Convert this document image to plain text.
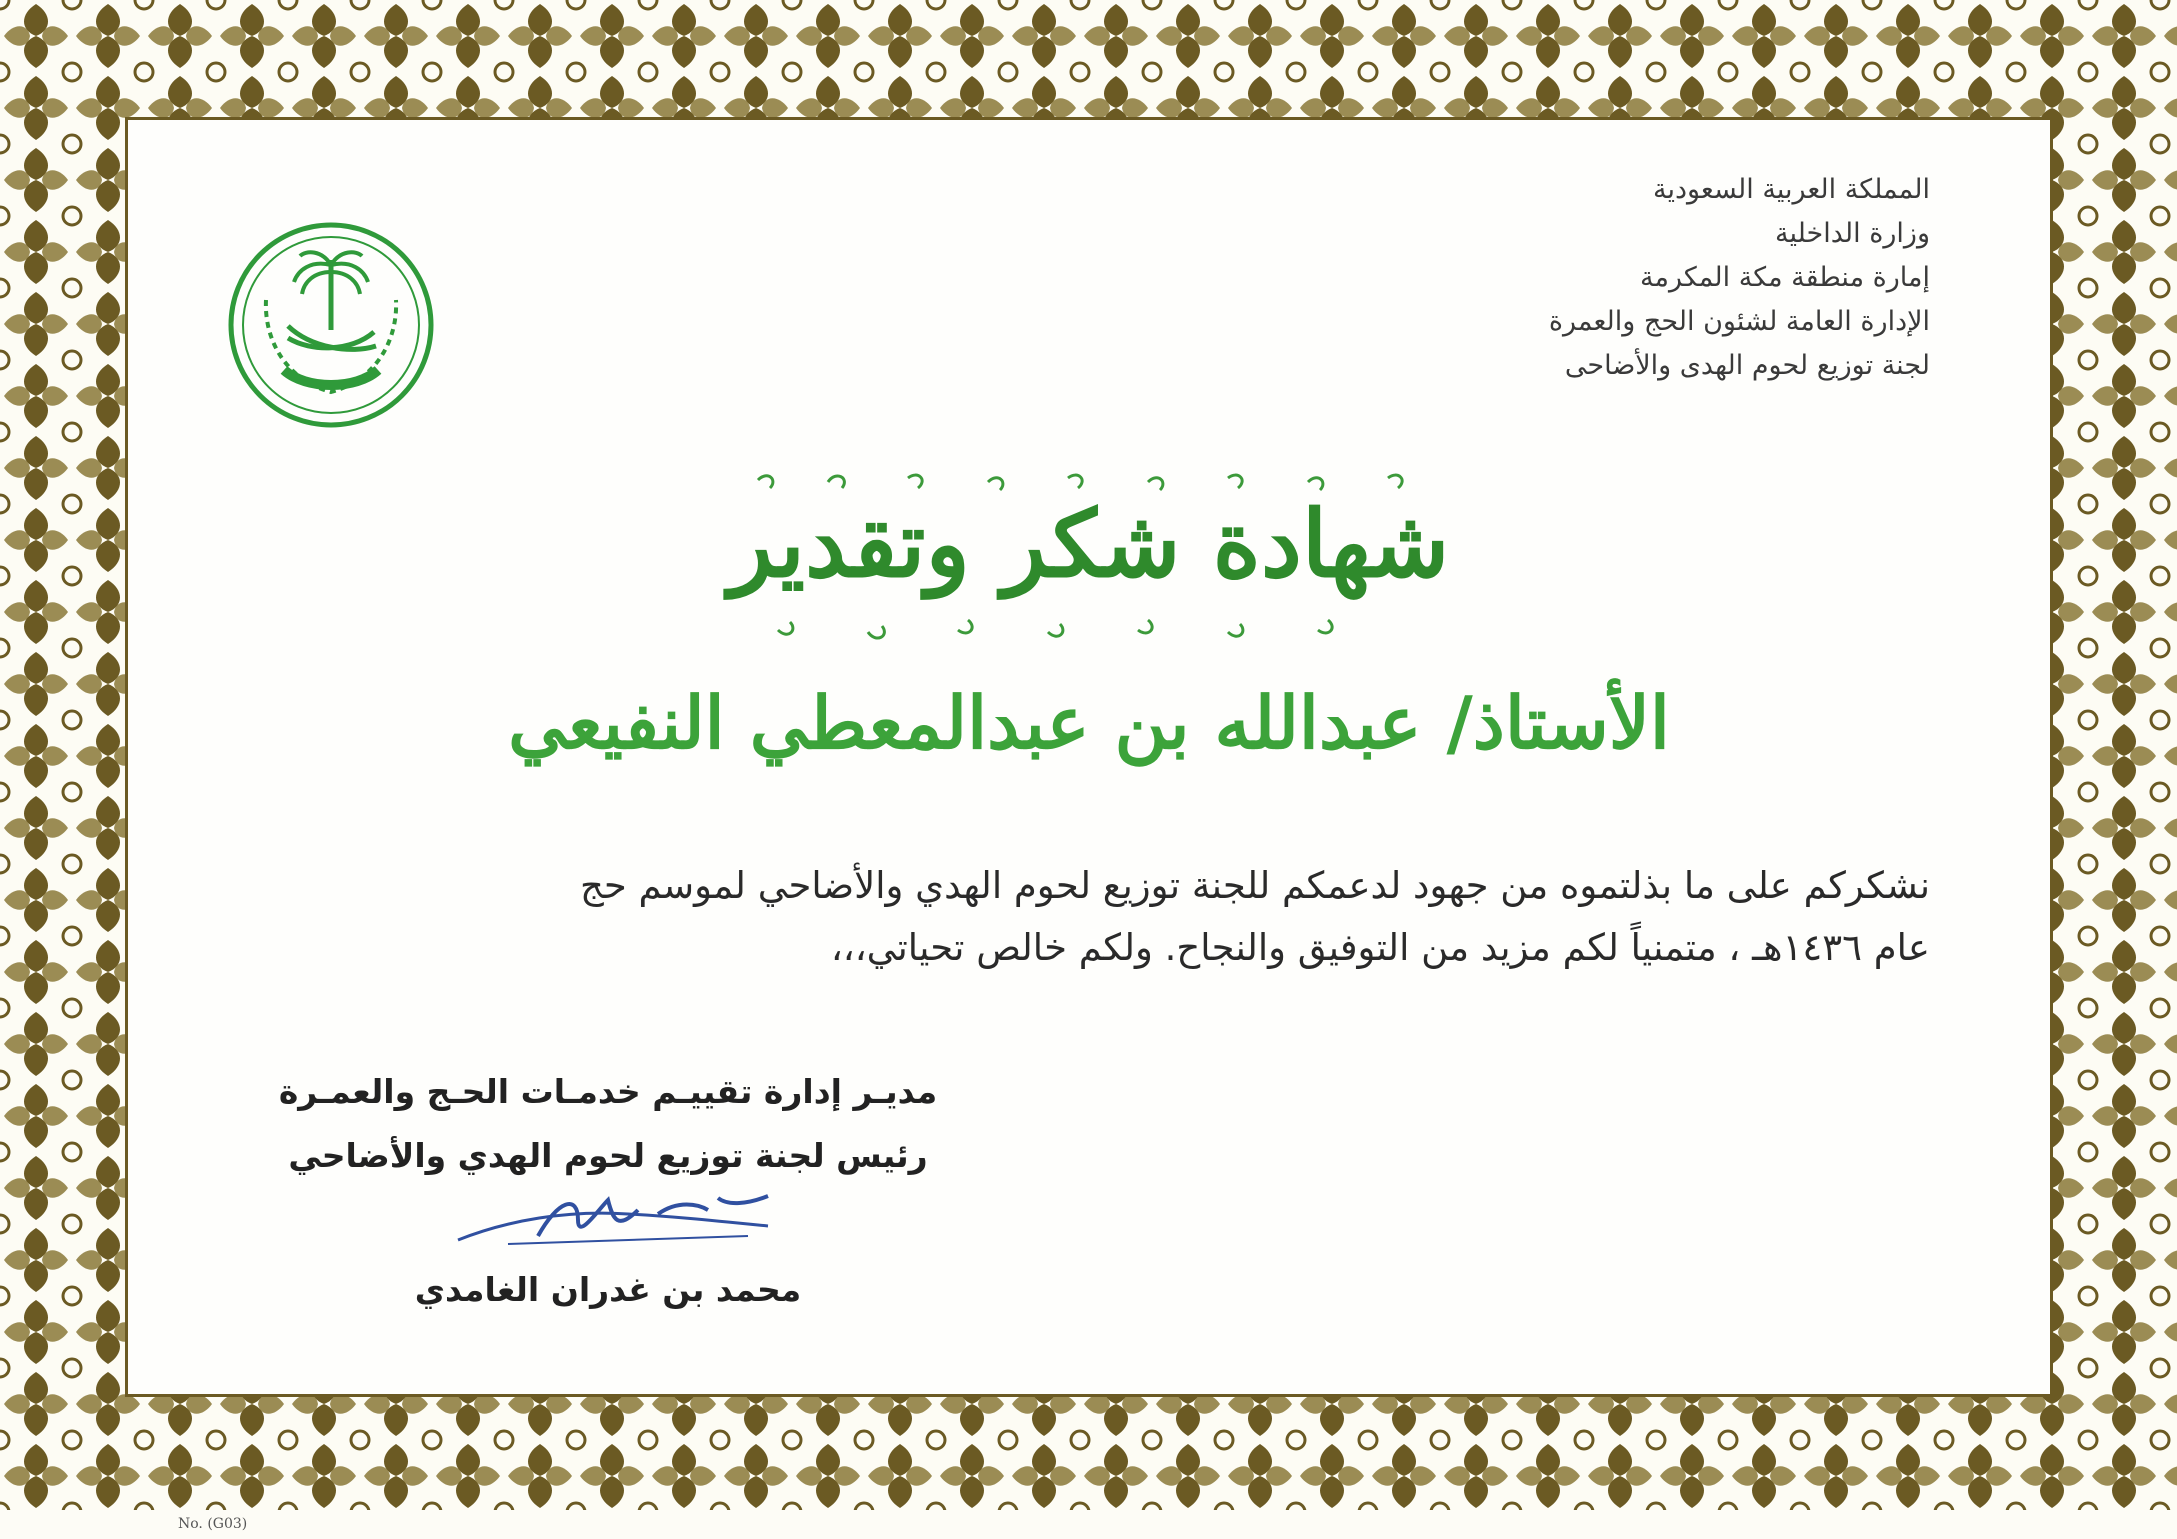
المملكة العربية السعودية
وزارة الداخلية
إمارة منطقة مكة المكرمة
الإدارة العامة لشئون الحج والعمرة
لجنة توزيع لحوم الهدى والأضاحى
شهادة شكر وتقدير
الأستاذ/ عبدالله بن عبدالمعطي النفيعي
نشكركم على ما بذلتموه من جهود لدعمكم للجنة توزيع لحوم الهدي والأضاحي لموسم حج
عام ١٤٣٦هـ ، متمنياً لكم مزيد من التوفيق والنجاح. ولكم خالص تحياتي،،،
مديـر إدارة تقييـم خدمـات الحـج والعمـرة
رئيس لجنة توزيع لحوم الهدي والأضاحي
محمد بن غدران الغامدي
No. (G03)
